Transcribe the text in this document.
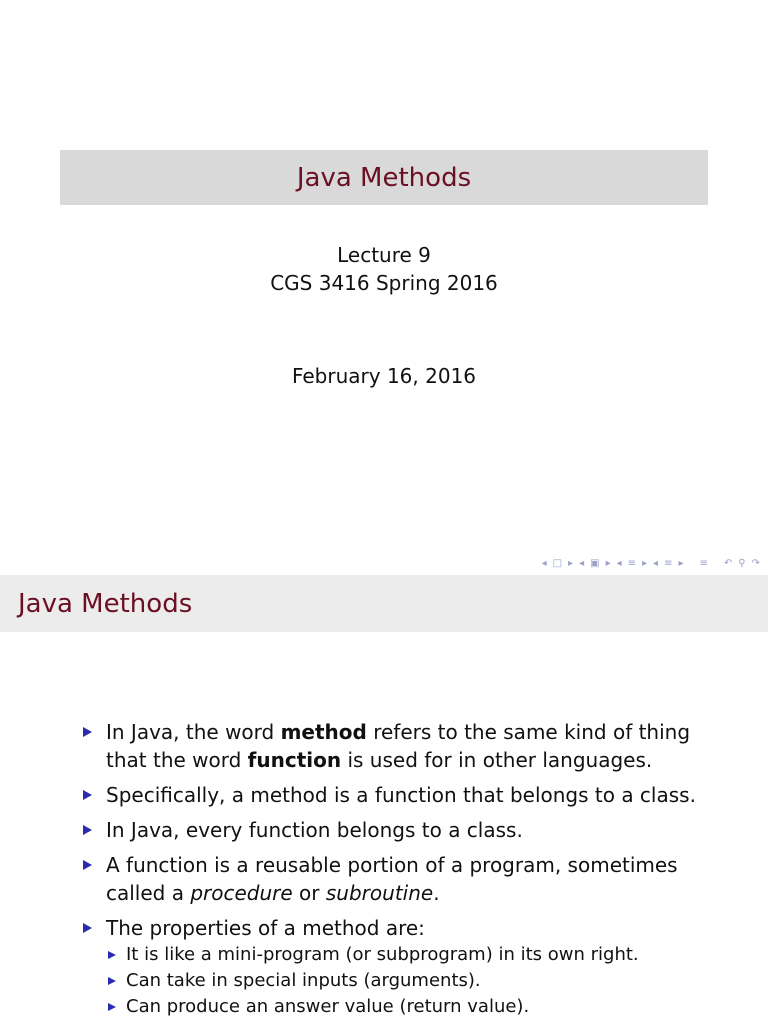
Java Methods
Lecture 9
CGS 3416 Spring 2016
February 16, 2016
◂ □ ▸ ◂ ▣ ▸ ◂ ≡ ▸ ◂ ≡ ▸ ≡ ↶ ⚲ ↷
Java Methods
In Java, the word method refers to the same kind of thing that the word function is used for in other languages.
Specifically, a method is a function that belongs to a class.
In Java, every function belongs to a class.
A function is a reusable portion of a program, sometimes called a procedure or subroutine.
The properties of a method are:
It is like a mini-program (or subprogram) in its own right.
Can take in special inputs (arguments).
Can produce an answer value (return value).
